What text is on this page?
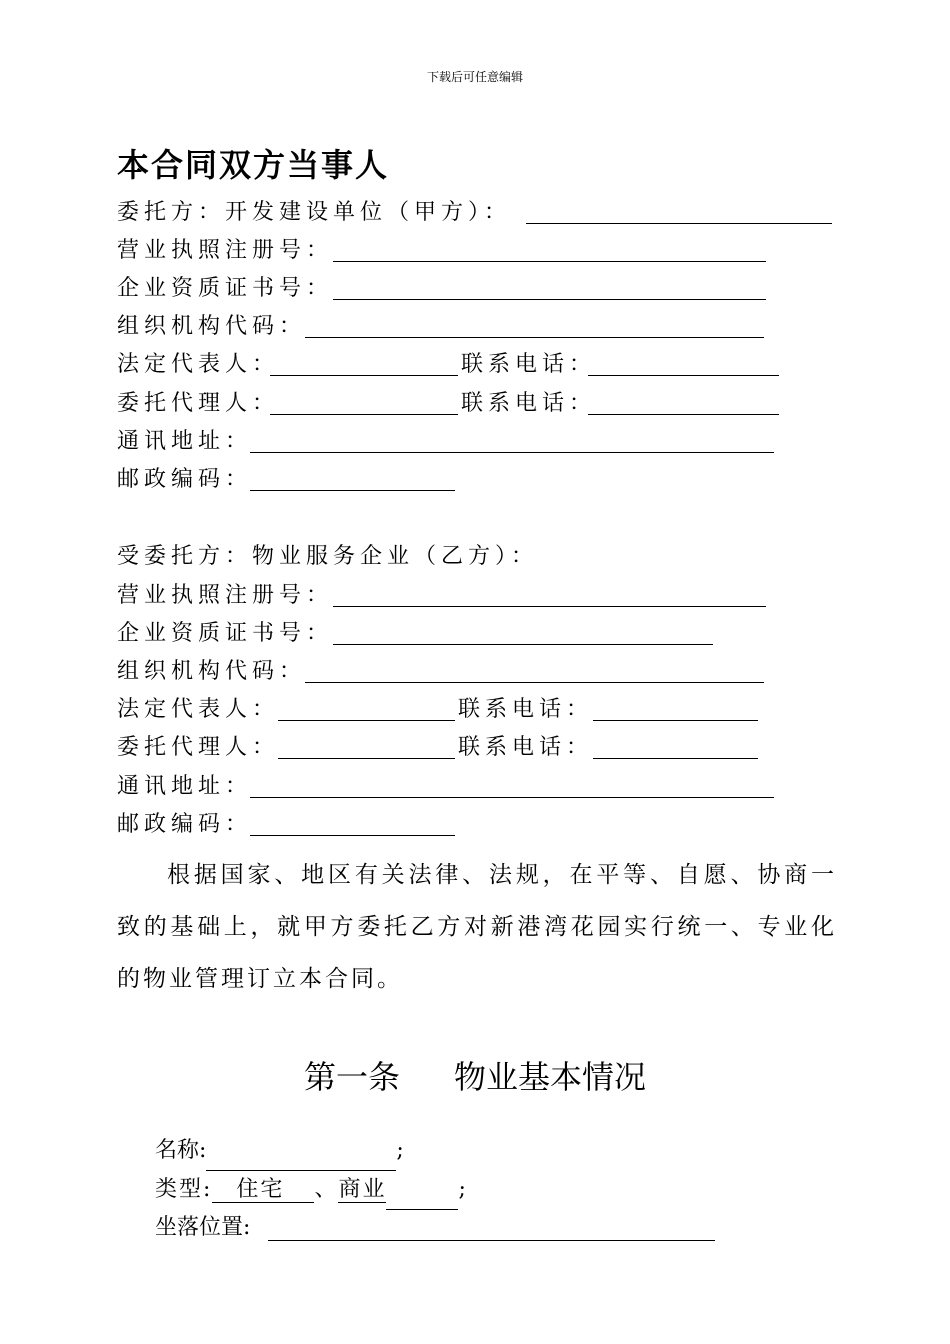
下载后可任意编辑
本合同双方当事人
委托方：开发建设单位（甲方）：
营业执照注册号：
企业资质证书号：
组织机构代码：
法定代表人：	联系电话：
委托代理人：	联系电话：
通讯地址：
邮政编码：
受委托方：物业服务企业（乙方）：
营业执照注册号：
企业资质证书号：
组织机构代码：
法定代表人：	联系电话：
委托代理人：	联系电话：
通讯地址：
邮政编码：
根据国家、地区有关法律、法规，在平等、自愿、协商一致的基础上，就甲方委托乙方对新港湾花园实行统一、专业化的物业管理订立本合同。
第一条 物业基本情况
名称:	;
类型: 住宅 、商业	;
坐落位置:
